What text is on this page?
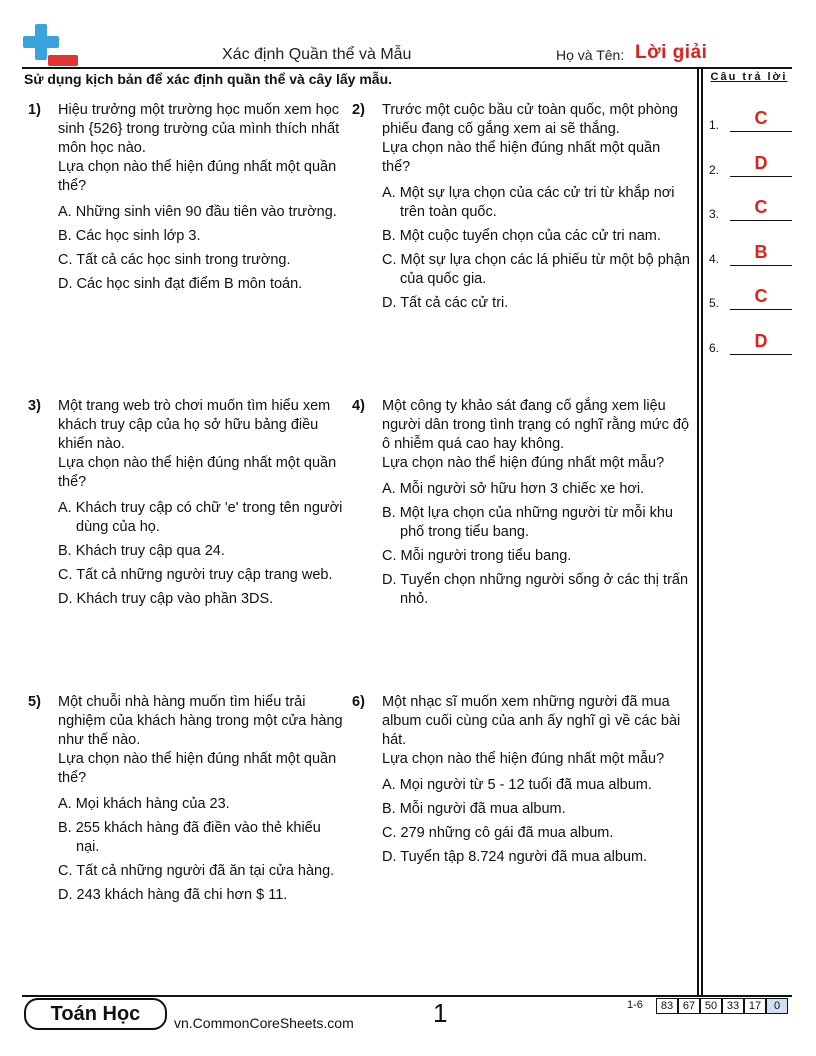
Xác định Quần thể và Mẫu	Họ và Tên: Lời giải
Sử dụng kịch bản để xác định quần thể và cây lấy mẫu.	Câu trả lời
1.	C
2.	D
3.	C
4.	B
5.	C
6.	D
1) Hiệu trưởng một trường học muốn xem học sinh {526} trong trường của mình thích nhất môn học nào.
Lựa chọn nào thể hiện đúng nhất một quần thể?
A. Những sinh viên 90 đầu tiên vào trường.
B. Các học sinh lớp 3.
C. Tất cả các học sinh trong trường.
D. Các học sinh đạt điểm B môn toán.
2) Trước một cuộc bầu cử toàn quốc, một phòng phiếu đang cố gắng xem ai sẽ thắng.
Lựa chọn nào thể hiện đúng nhất một quần thể?
A. Một sự lựa chọn của các cử tri từ khắp nơi trên toàn quốc.
B. Một cuộc tuyển chọn của các cử tri nam.
C. Một sự lựa chọn các lá phiếu từ một bộ phận của quốc gia.
D. Tất cả các cử tri.
3) Một trang web trò chơi muốn tìm hiểu xem khách truy cập của họ sở hữu bảng điều khiển nào.
Lựa chọn nào thể hiện đúng nhất một quần thể?
A. Khách truy cập có chữ 'e' trong tên người dùng của họ.
B. Khách truy cập qua 24.
C. Tất cả những người truy cập trang web.
D. Khách truy cập vào phần 3DS.
4) Một công ty khảo sát đang cố gắng xem liệu người dân trong tình trạng có nghĩ rằng mức độ ô nhiễm quá cao hay không.
Lựa chọn nào thể hiện đúng nhất một mẫu?
A. Mỗi người sở hữu hơn 3 chiếc xe hơi.
B. Một lựa chọn của những người từ mỗi khu phố trong tiểu bang.
C. Mỗi người trong tiểu bang.
D. Tuyển chọn những người sống ở các thị trấn nhỏ.
5) Một chuỗi nhà hàng muốn tìm hiểu trải nghiệm của khách hàng trong một cửa hàng như thế nào.
Lựa chọn nào thể hiện đúng nhất một quần thể?
A. Mọi khách hàng của 23.
B. 255 khách hàng đã điền vào thẻ khiếu nại.
C. Tất cả những người đã ăn tại cửa hàng.
D. 243 khách hàng đã chi hơn $ 11.
6) Một nhạc sĩ muốn xem những người đã mua album cuối cùng của anh ấy nghĩ gì về các bài hát.
Lựa chọn nào thể hiện đúng nhất một mẫu?
A. Mọi người từ 5 - 12 tuổi đã mua album.
B. Mỗi người đã mua album.
C. 279 những cô gái đã mua album.
D. Tuyển tập 8.724 người đã mua album.
Toán Học	vn.CommonCoreSheets.com	1	1-6	83 67 50 33 17	0
